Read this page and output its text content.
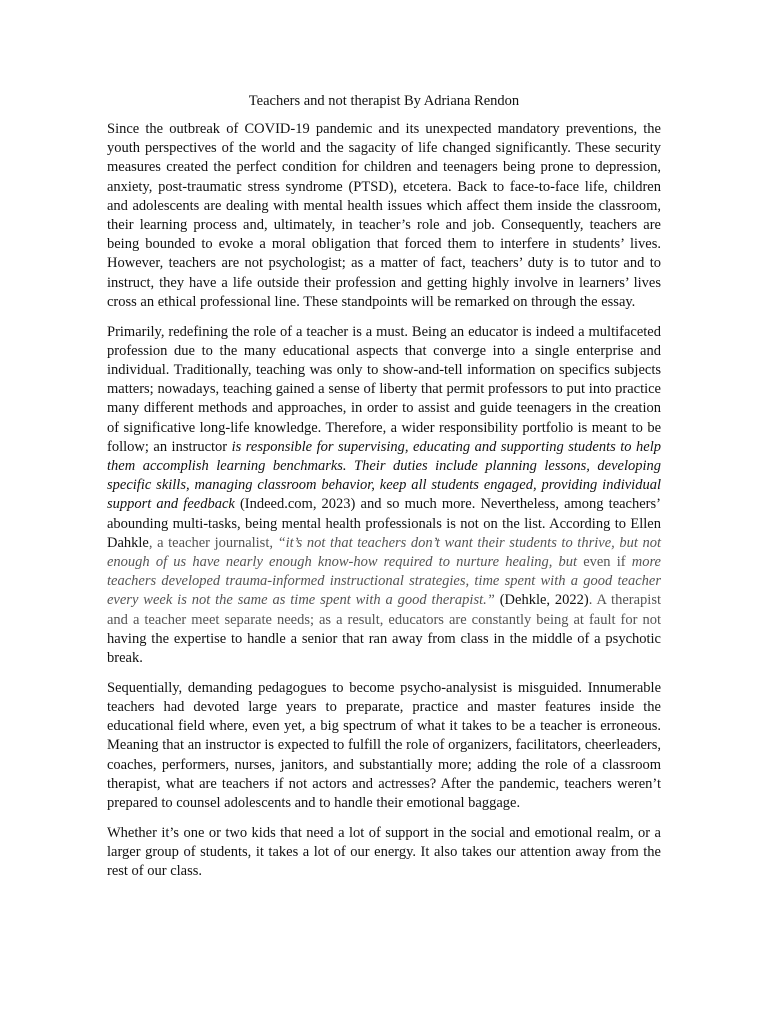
Teachers and not therapist By Adriana Rendon

Since the outbreak of COVID-19 pandemic and its unexpected mandatory preventions, the youth perspectives of the world and the sagacity of life changed significantly. These security measures created the perfect condition for children and teenagers being prone to depression, anxiety, post-traumatic stress syndrome (PTSD), etcetera. Back to face-to-face life, children and adolescents are dealing with mental health issues which affect them inside the classroom, their learning process and, ultimately, in teacher’s role and job. Consequently, teachers are being bounded to evoke a moral obligation that forced them to interfere in students’ lives. However, teachers are not psychologist; as a matter of fact, teachers’ duty is to tutor and to instruct, they have a life outside their profession and getting highly involve in learners’ lives cross an ethical professional line. These standpoints will be remarked on through the essay.

Primarily, redefining the role of a teacher is a must. Being an educator is indeed a multifaceted profession due to the many educational aspects that converge into a single enterprise and individual. Traditionally, teaching was only to show-and-tell information on specifics subjects matters; nowadays, teaching gained a sense of liberty that permit professors to put into practice many different methods and approaches, in order to assist and guide teenagers in the creation of significative long-life knowledge. Therefore, a wider responsibility portfolio is meant to be follow; an instructor is responsible for supervising, educating and supporting students to help them accomplish learning benchmarks. Their duties include planning lessons, developing specific skills, managing classroom behavior, keep all students engaged, providing individual support and feedback (Indeed.com, 2023) and so much more. Nevertheless, among teachers’ abounding multi-tasks, being mental health professionals is not on the list. According to Ellen Dahkle, a teacher journalist, “it’s not that teachers don’t want their students to thrive, but not enough of us have nearly enough know-how required to nurture healing, but even if more teachers developed trauma-informed instructional strategies, time spent with a good teacher every week is not the same as time spent with a good therapist.” (Dehkle, 2022). A therapist and a teacher meet separate needs; as a result, educators are constantly being at fault for not having the expertise to handle a senior that ran away from class in the middle of a psychotic break.

Sequentially, demanding pedagogues to become psycho-analysist is misguided. Innumerable teachers had devoted large years to preparate, practice and master features inside the educational field where, even yet, a big spectrum of what it takes to be a teacher is erroneous. Meaning that an instructor is expected to fulfill the role of organizers, facilitators, cheerleaders, coaches, performers, nurses, janitors, and substantially more; adding the role of a classroom therapist, what are teachers if not actors and actresses? After the pandemic, teachers weren’t prepared to counsel adolescents and to handle their emotional baggage.

Whether it’s one or two kids that need a lot of support in the social and emotional realm, or a larger group of students, it takes a lot of our energy. It also takes our attention away from the rest of our class.
